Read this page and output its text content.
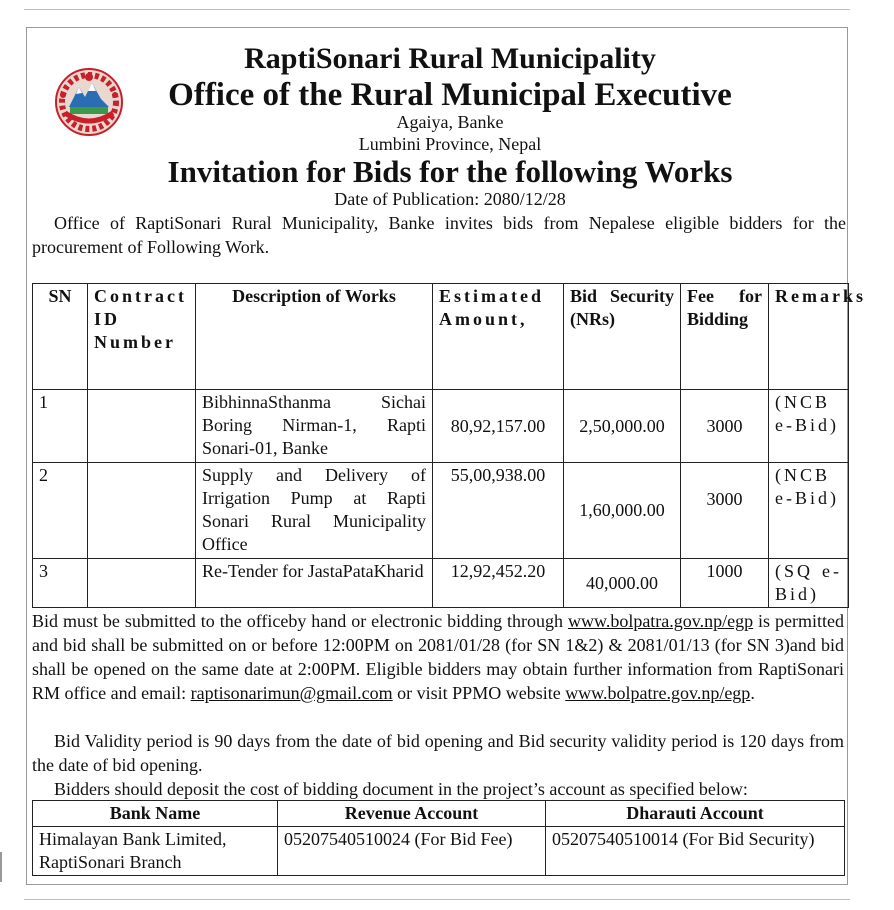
RaptiSonari Rural Municipality
Office of the Rural Municipal Executive
Agaiya, Banke
Lumbini Province, Nepal
Invitation for Bids for the following Works
Date of Publication: 2080/12/28
Office of RaptiSonari Rural Municipality, Banke invites bids from Nepalese eligible bidders for the procurement of Following Work.
SN	Contract ID Number	Description of Works	Estimated Amount,	Bid Security (NRs)	Fee for Bidding	Remarks
1		BibhinnaSthanma Sichai Boring Nirman-1, Rapti Sonari-01, Banke	80,92,157.00	2,50,000.00	3000	(NCB e-Bid)
2		Supply and Delivery of Irrigation Pump at Rapti Sonari Rural Municipality Office	55,00,938.00	1,60,000.00	3000	(NCB e-Bid)
3		Re-Tender for JastaPataKharid	12,92,452.20	40,000.00	1000	(SQ e-Bid)
Bid must be submitted to the officeby hand or electronic bidding through www.bolpatra.gov.np/egp is permitted and bid shall be submitted on or before 12:00PM on 2081/01/28 (for SN 1&2) & 2081/01/13 (for SN 3)and bid shall be opened on the same date at 2:00PM. Eligible bidders may obtain further information from RaptiSonari RM office and email: raptisonarimun@gmail.com or visit PPMO website www.bolpatre.gov.np/egp.
Bid Validity period is 90 days from the date of bid opening and Bid security validity period is 120 days from the date of bid opening.
Bidders should deposit the cost of bidding document in the project’s account as specified below:
Bank Name	Revenue Account	Dharauti Account
Himalayan Bank Limited, RaptiSonari Branch	05207540510024 (For Bid Fee)	05207540510014 (For Bid Security)
